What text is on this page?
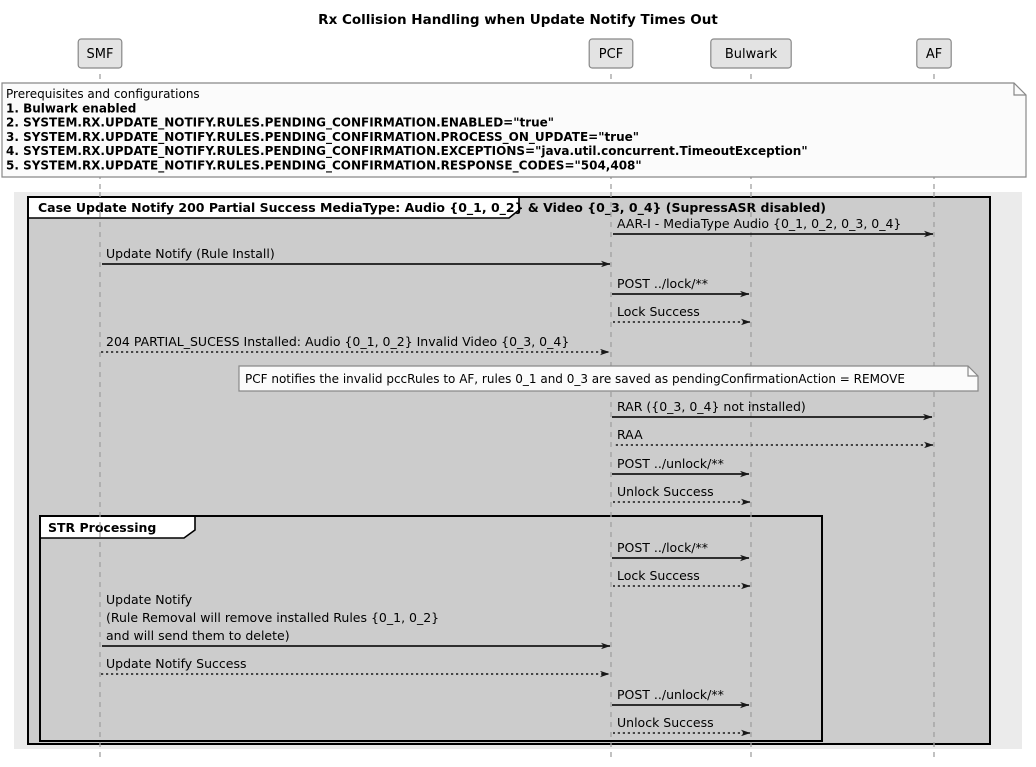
Rx Collision Handling when Update Notify Times Out
Case Update Notify 200 Partial Success MediaType: Audio {0_1, 0_2} & Video {0_3, 0_4} (SupressASR disabled)
STR Processing
AAR-I - MediaType Audio {0_1, 0_2, 0_3, 0_4}
Update Notify (Rule Install)
POST ../lock/**
Lock Success
204 PARTIAL_SUCESS Installed: Audio {0_1, 0_2} Invalid Video {0_3, 0_4}
RAR ({0_3, 0_4} not installed)
RAA
POST ../unlock/**
Unlock Success
POST ../lock/**
Lock Success
Update Notify
(Rule Removal will remove installed Rules {0_1, 0_2}
and will send them to delete)
Update Notify Success
POST ../unlock/**
Unlock Success
Prerequisites and configurations
1. Bulwark enabled
2. SYSTEM.RX.UPDATE_NOTIFY.RULES.PENDING_CONFIRMATION.ENABLED="true"
3. SYSTEM.RX.UPDATE_NOTIFY.RULES.PENDING_CONFIRMATION.PROCESS_ON_UPDATE="true"
4. SYSTEM.RX.UPDATE_NOTIFY.RULES.PENDING_CONFIRMATION.EXCEPTIONS="java.util.concurrent.TimeoutException"
5. SYSTEM.RX.UPDATE_NOTIFY.RULES.PENDING_CONFIRMATION.RESPONSE_CODES="504,408"
PCF notifies the invalid pccRules to AF, rules 0_1 and 0_3 are saved as pendingConfirmationAction = REMOVE
SMF	PCF	Bulwark	AF
